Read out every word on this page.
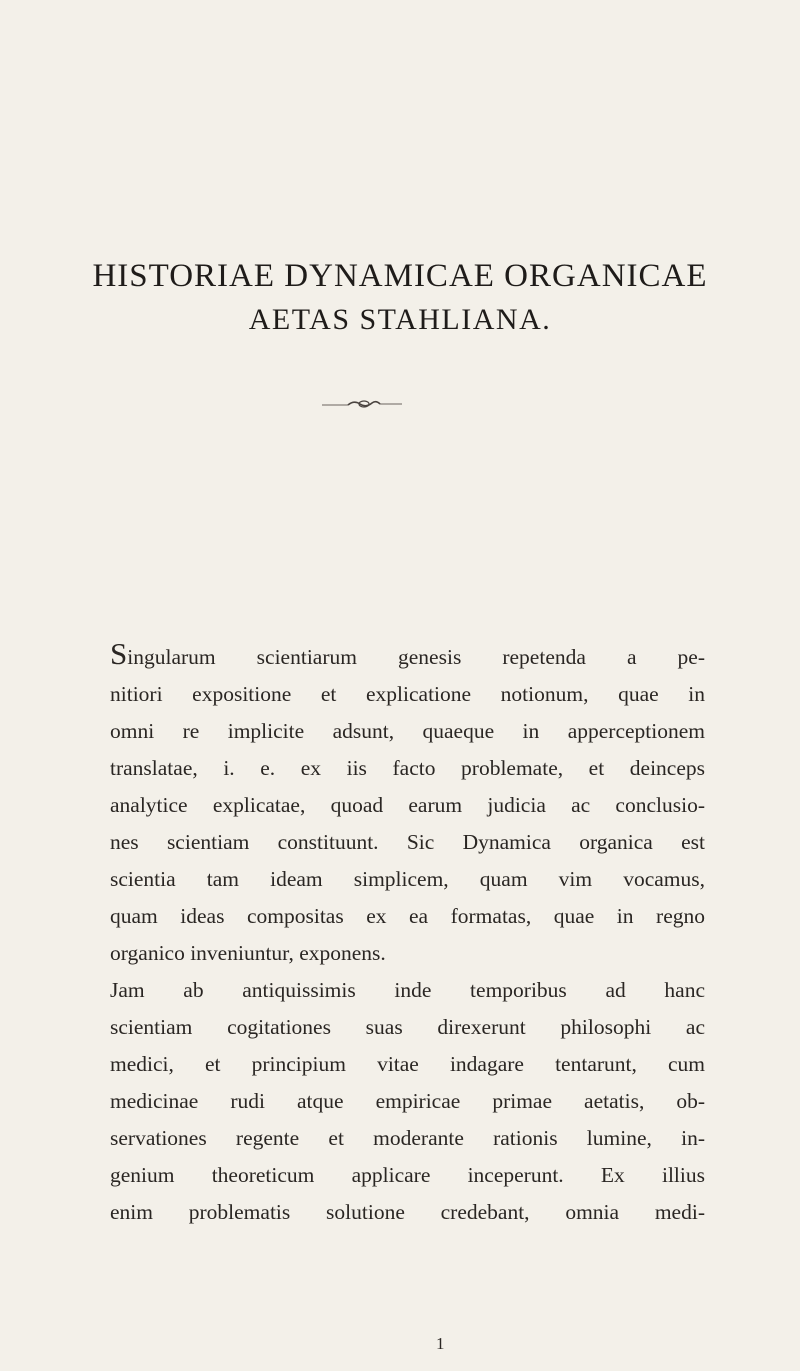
HISTORIAE DYNAMICAE ORGANICAE
AETAS STAHLIANA.
Singularum scientiarum genesis repetenda a pe-
nitiori expositione et explicatione notionum, quae in
omni re implicite adsunt, quaeque in apperceptionem
translatae, i. e. ex iis facto problemate, et deinceps
analytice explicatae, quoad earum judicia ac conclusio-
nes scientiam constituunt. Sic Dynamica organica est
scientia tam ideam simplicem, quam vim vocamus,
quam ideas compositas ex ea formatas, quae in regno
organico inveniuntur, exponens.
Jam ab antiquissimis inde temporibus ad hanc
scientiam cogitationes suas direxerunt philosophi ac
medici, et principium vitae indagare tentarunt, cum
medicinae rudi atque empiricae primae aetatis, ob-
servationes regente et moderante rationis lumine, in-
genium theoreticum applicare inceperunt. Ex illius
enim problematis solutione credebant, omnia medi-
1
